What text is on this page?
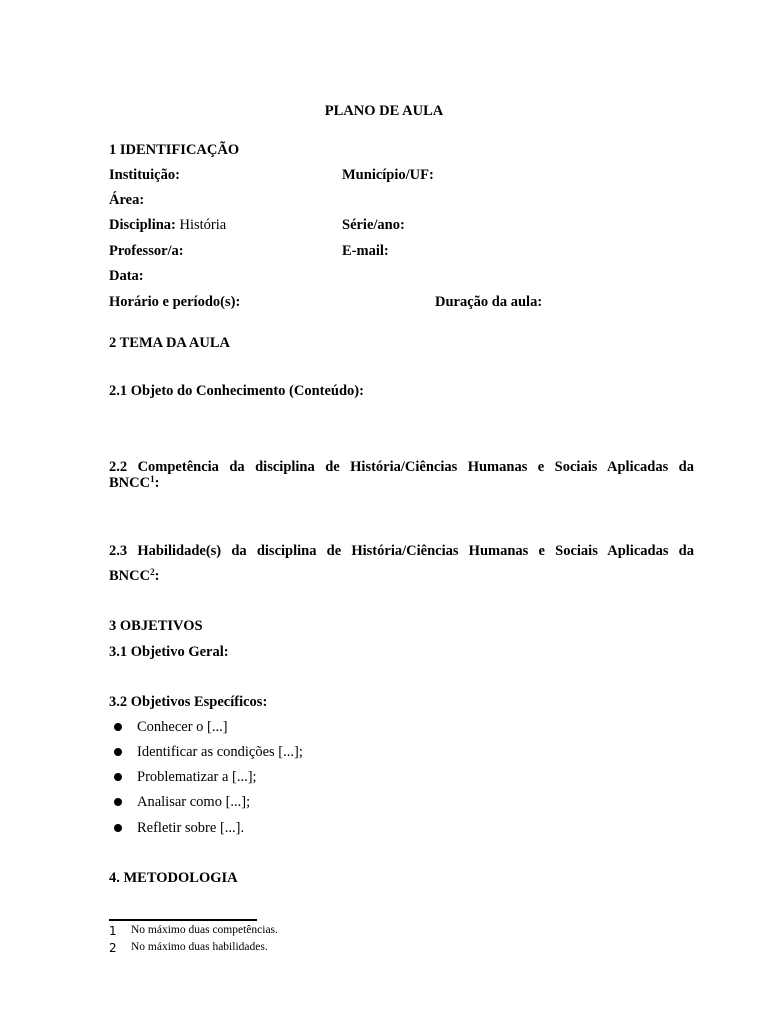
PLANO DE AULA
1 IDENTIFICAÇÃO
Instituição:	Município/UF:
Área:
Disciplina: História	Série/ano:
Professor/a:	E-mail:
Data:
Horário e período(s):	Duração da aula:
2 TEMA DA AULA
2.1 Objeto do Conhecimento (Conteúdo):
2.2 Competência da disciplina de História/Ciências Humanas e Sociais Aplicadas da
BNCC$^1$:
2.3 Habilidade(s) da disciplina de História/Ciências Humanas e Sociais Aplicadas da
BNCC$^2$:
3 OBJETIVOS
3.1 Objetivo Geral:
3.2 Objetivos Específicos:
Conhecer o [...]
Identificar as condições [...];
Problematizar a [...];
Analisar como [...];
Refletir sobre [...].
4. METODOLOGIA
1 No máximo duas competências.
2 No máximo duas habilidades.
